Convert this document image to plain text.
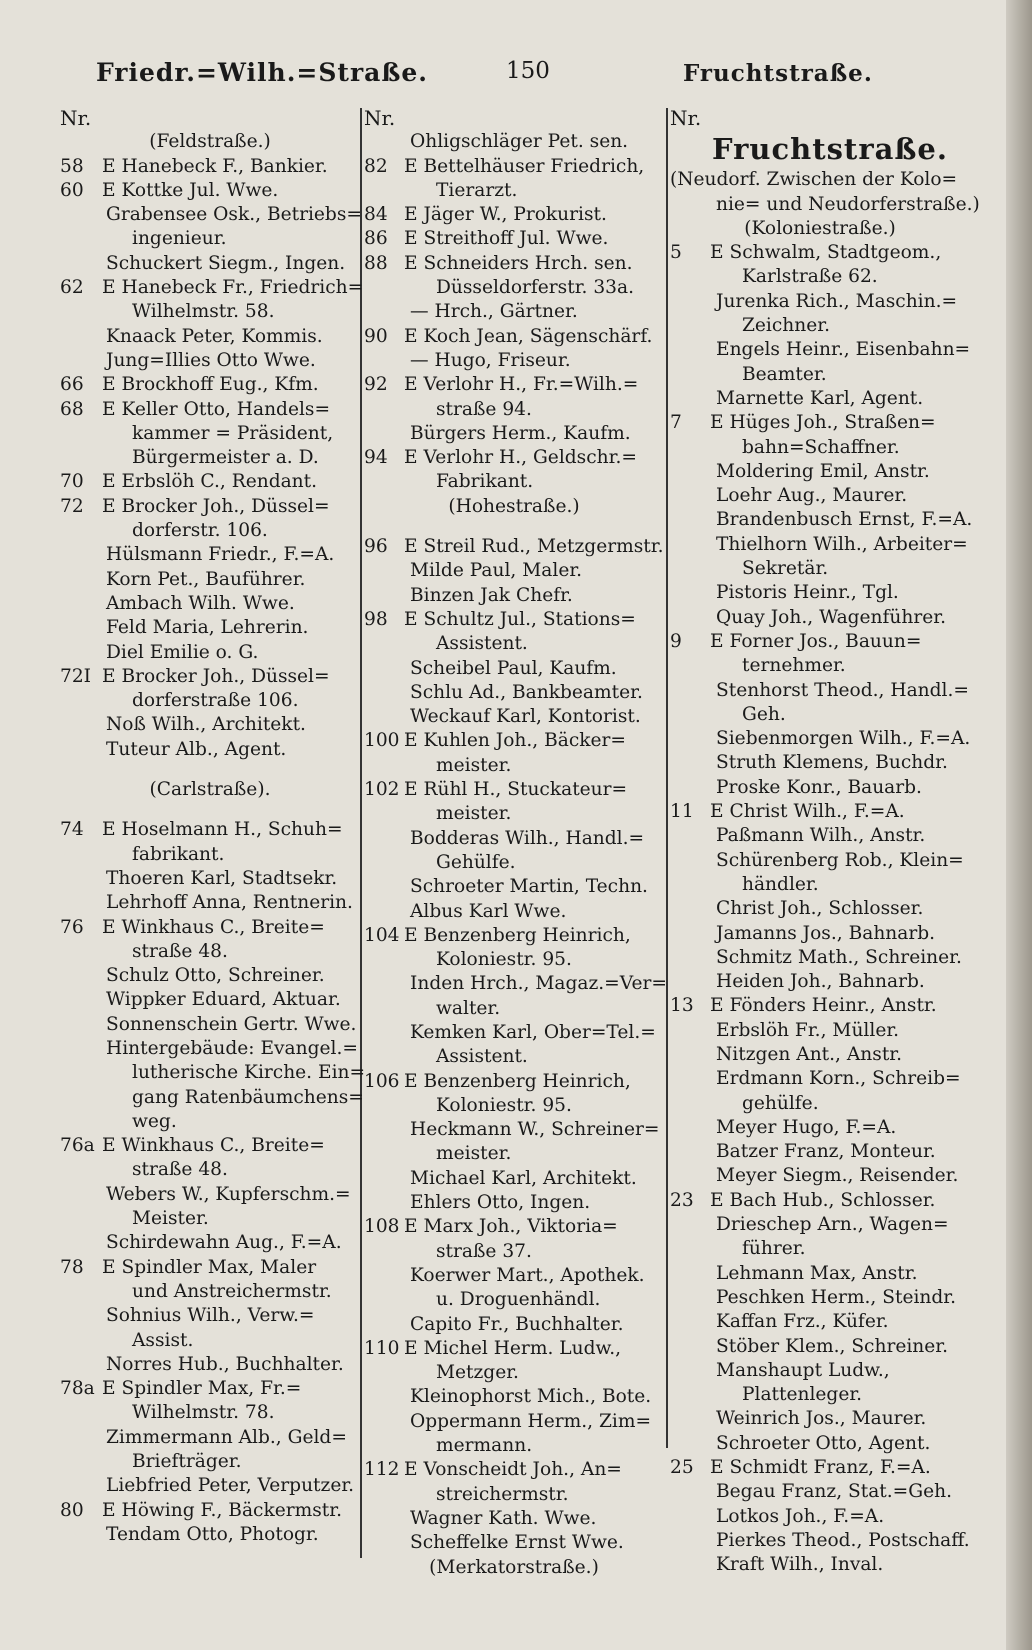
Friedr.=Wilh.=Straße.	150	Fruchtstraße.
Nr.
(Feldstraße.)
58 E Hanebeck F., Bankier.
60 E Kottke Jul. Wwe.
Grabensee Osk., Betriebs=
ingenieur.
Schuckert Siegm., Ingen.
62 E Hanebeck Fr., Friedrich=
Wilhelmstr. 58.
Knaack Peter, Kommis.
Jung=Illies Otto Wwe.
66 E Brockhoff Eug., Kfm.
68 E Keller Otto, Handels=
kammer = Präsident,
Bürgermeister a. D.
70 E Erbslöh C., Rendant.
72 E Brocker Joh., Düssel=
dorferstr. 106.
Hülsmann Friedr., F.=A.
Korn Pet., Bauführer.
Ambach Wilh. Wwe.
Feld Maria, Lehrerin.
Diel Emilie o. G.
72I E Brocker Joh., Düssel=
dorferstraße 106.
Noß Wilh., Architekt.
Tuteur Alb., Agent.
(Carlstraße).
74 E Hoselmann H., Schuh=
fabrikant.
Thoeren Karl, Stadtsekr.
Lehrhoff Anna, Rentnerin.
76 E Winkhaus C., Breite=
straße 48.
Schulz Otto, Schreiner.
Wippker Eduard, Aktuar.
Sonnenschein Gertr. Wwe.
Hintergebäude: Evangel.=
lutherische Kirche. Ein=
gang Ratenbäumchens=
weg.
76a E Winkhaus C., Breite=
straße 48.
Webers W., Kupferschm.=
Meister.
Schirdewahn Aug., F.=A.
78 E Spindler Max, Maler
und Anstreichermstr.
Sohnius Wilh., Verw.=
Assist.
Norres Hub., Buchhalter.
78a E Spindler Max, Fr.=
Wilhelmstr. 78.
Zimmermann Alb., Geld=
Briefträger.
Liebfried Peter, Verputzer.
80 E Höwing F., Bäckermstr.
Tendam Otto, Photogr.
Nr.
Ohligschläger Pet. sen.
82 E Bettelhäuser Friedrich,
Tierarzt.
84 E Jäger W., Prokurist.
86 E Streithoff Jul. Wwe.
88 E Schneiders Hrch. sen.
Düsseldorferstr. 33a.
— Hrch., Gärtner.
90 E Koch Jean, Sägenschärf.
— Hugo, Friseur.
92 E Verlohr H., Fr.=Wilh.=
straße 94.
Bürgers Herm., Kaufm.
94 E Verlohr H., Geldschr.=
Fabrikant.
(Hohestraße.)
96 E Streil Rud., Metzgermstr.
Milde Paul, Maler.
Binzen Jak Chefr.
98 E Schultz Jul., Stations=
Assistent.
Scheibel Paul, Kaufm.
Schlu Ad., Bankbeamter.
Weckauf Karl, Kontorist.
100 E Kuhlen Joh., Bäcker=
meister.
102 E Rühl H., Stuckateur=
meister.
Bodderas Wilh., Handl.=
Gehülfe.
Schroeter Martin, Techn.
Albus Karl Wwe.
104 E Benzenberg Heinrich,
Koloniestr. 95.
Inden Hrch., Magaz.=Ver=
walter.
Kemken Karl, Ober=Tel.=
Assistent.
106 E Benzenberg Heinrich,
Koloniestr. 95.
Heckmann W., Schreiner=
meister.
Michael Karl, Architekt.
Ehlers Otto, Ingen.
108 E Marx Joh., Viktoria=
straße 37.
Koerwer Mart., Apothek.
u. Droguenhändl.
Capito Fr., Buchhalter.
110 E Michel Herm. Ludw.,
Metzger.
Kleinophorst Mich., Bote.
Oppermann Herm., Zim=
mermann.
112 E Vonscheidt Joh., An=
streichermstr.
Wagner Kath. Wwe.
Scheffelke Ernst Wwe.
(Merkatorstraße.)
Nr.
Fruchtstraße.
(Neudorf. Zwischen der Kolo=
nie= und Neudorferstraße.)
(Koloniestraße.)
5 E Schwalm, Stadtgeom.,
Karlstraße 62.
Jurenka Rich., Maschin.=
Zeichner.
Engels Heinr., Eisenbahn=
Beamter.
Marnette Karl, Agent.
7 E Hüges Joh., Straßen=
bahn=Schaffner.
Moldering Emil, Anstr.
Loehr Aug., Maurer.
Brandenbusch Ernst, F.=A.
Thielhorn Wilh., Arbeiter=
Sekretär.
Pistoris Heinr., Tgl.
Quay Joh., Wagenführer.
9 E Forner Jos., Bauun=
ternehmer.
Stenhorst Theod., Handl.=
Geh.
Siebenmorgen Wilh., F.=A.
Struth Klemens, Buchdr.
Proske Konr., Bauarb.
11 E Christ Wilh., F.=A.
Paßmann Wilh., Anstr.
Schürenberg Rob., Klein=
händler.
Christ Joh., Schlosser.
Jamanns Jos., Bahnarb.
Schmitz Math., Schreiner.
Heiden Joh., Bahnarb.
13 E Fönders Heinr., Anstr.
Erbslöh Fr., Müller.
Nitzgen Ant., Anstr.
Erdmann Korn., Schreib=
gehülfe.
Meyer Hugo, F.=A.
Batzer Franz, Monteur.
Meyer Siegm., Reisender.
23 E Bach Hub., Schlosser.
Drieschер Arn., Wagen=
führer.
Lehmann Max, Anstr.
Peschken Herm., Steindr.
Kaffan Frz., Küfer.
Stöber Klem., Schreiner.
Manshaupt Ludw.,
Plattenleger.
Weinrich Jos., Maurer.
Schroeter Otto, Agent.
25 E Schmidt Franz, F.=A.
Begau Franz, Stat.=Geh.
Lotkos Joh., F.=A.
Pierkes Theod., Postschaff.
Kraft Wilh., Inval.
